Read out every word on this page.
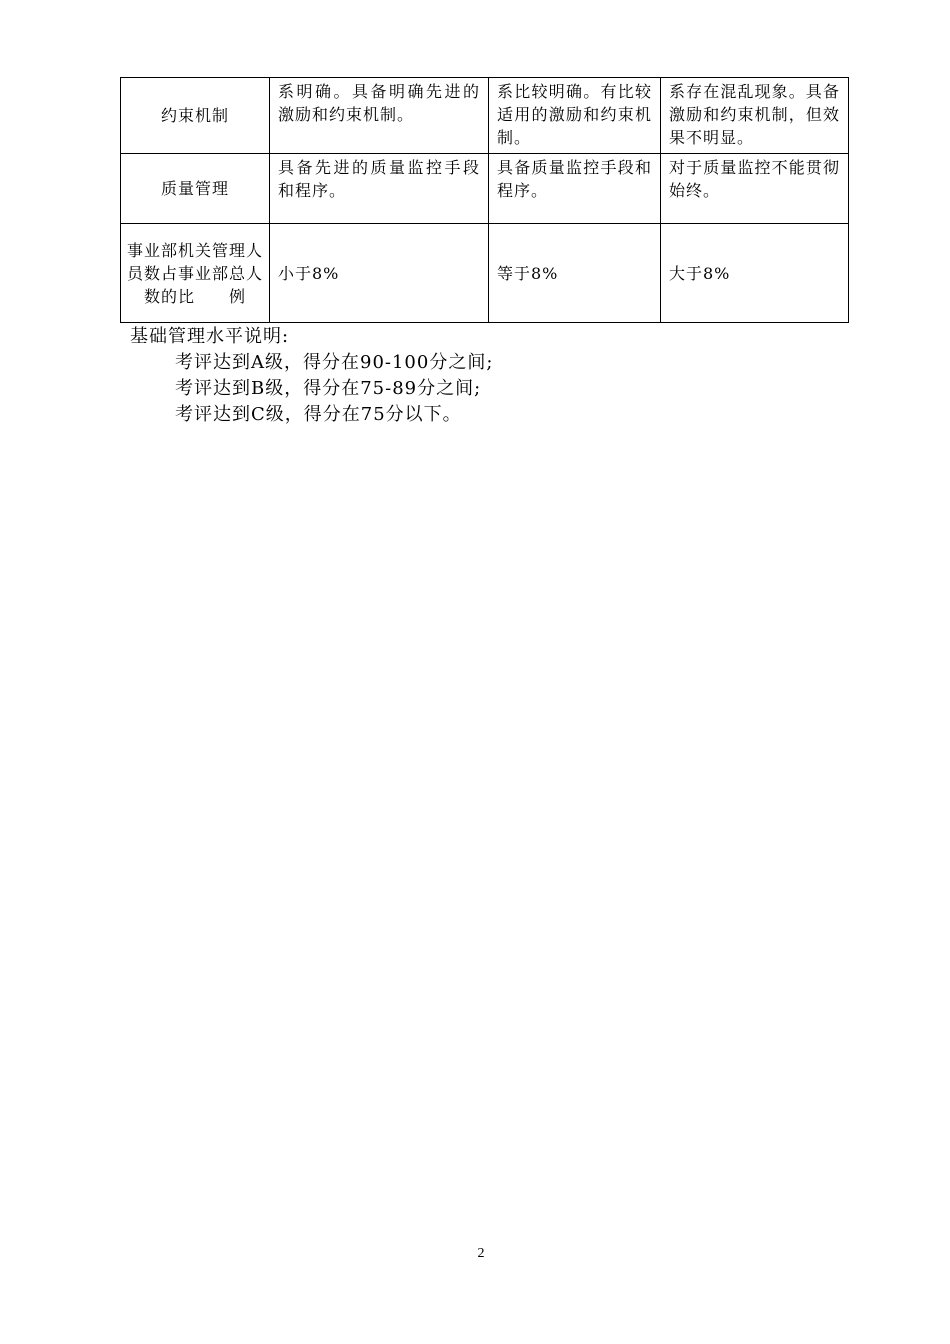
约束机制	系明确。具备明确先进的激励和约束机制。	系比较明确。有比较适用的激励和约束机制。	系存在混乱现象。具备激励和约束机制，但效果不明显。
质量管理	具备先进的质量监控手段和程序。	具备质量监控手段和程序。	对于质量监控不能贯彻始终。
事业部机关管理人员数占事业部总人数的比　　例	小于8%	等于8%	大于8%

基础管理水平说明:

考评达到A级，得分在90-100分之间;

考评达到B级，得分在75-89分之间;

考评达到C级，得分在75分以下。

2
